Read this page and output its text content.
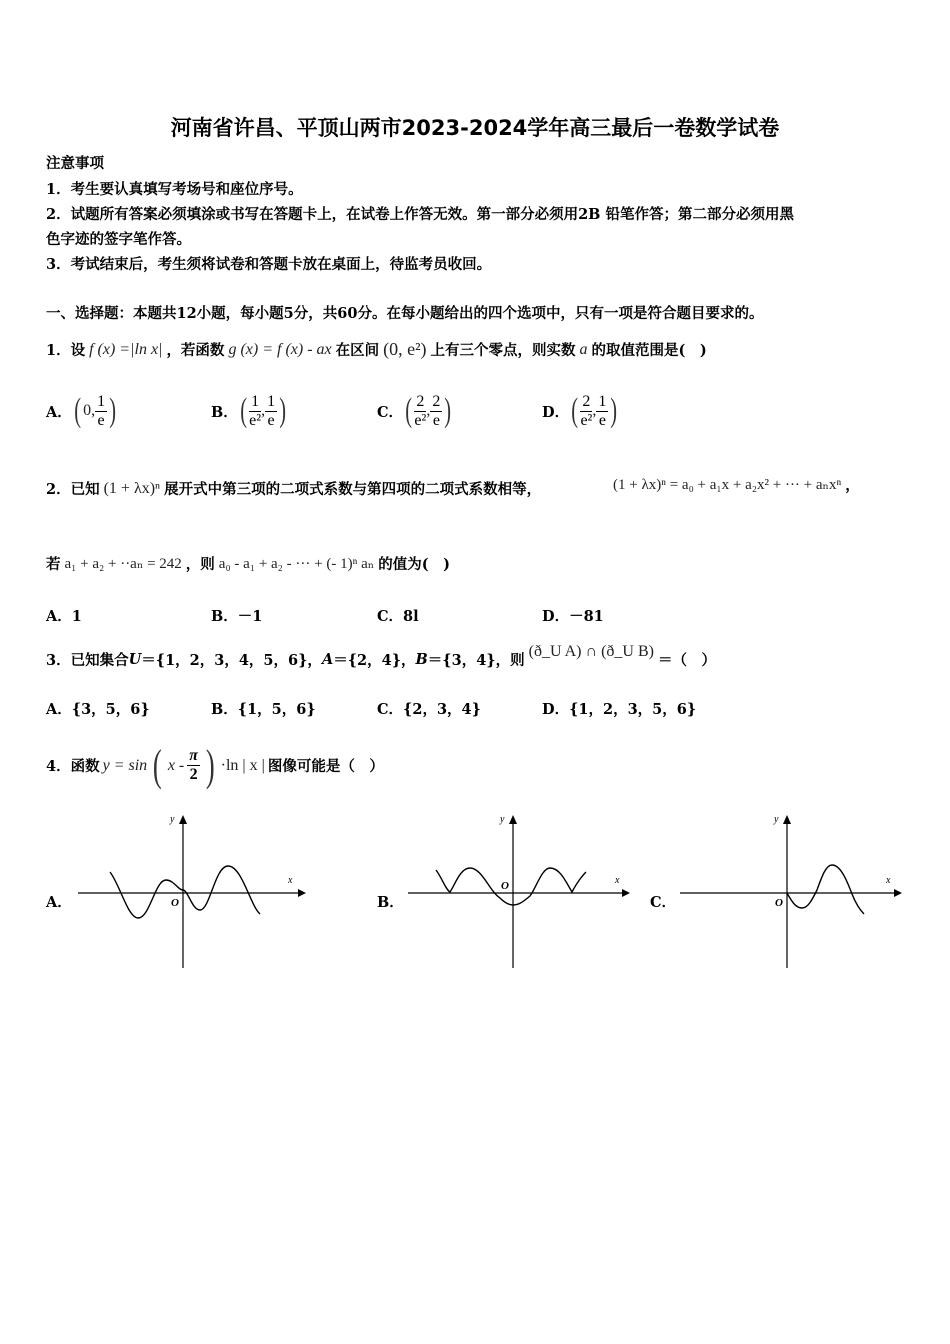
河南省许昌、平顶山两市2023-2024学年高三最后一卷数学试卷
注意事项
1．考生要认真填写考场号和座位序号。
2．试题所有答案必须填涂或书写在答题卡上，在试卷上作答无效。第一部分必须用2B 铅笔作答；第二部分必须用黑
色字迹的签字笔作答。
3．考试结束后，考生须将试卷和答题卡放在桌面上，待监考员收回。
一、选择题：本题共12小题，每小题5分，共60分。在每小题给出的四个选项中，只有一项是符合题目要求的。
1．设 f (x) =|ln x| ，若函数 g (x) = f (x) - ax 在区间 (0, e²) 上有三个零点，则实数 a 的取值范围是(　)
A． ( 0, $\frac{1}{e}$ )	B． ( $\frac{1}{\text{e²}}$ , $\frac{1}{e}$ )	C． ( $\frac{2}{\text{e²}}$ , $\frac{2}{e}$ )	D． ( $\frac{2}{\text{e²}}$ , $\frac{1}{e}$ )
2．已知 (1 + λx)ⁿ 展开式中第三项的二项式系数与第四项的二项式系数相等，	(1 + λx)ⁿ = a₀ + a₁x + a₂x² + ··· + aₙxⁿ ，
若 a₁ + a₂ + ··aₙ = 242 ，则 a₀ - a₁ + a₂ - ··· + (- 1)ⁿ aₙ 的值为(　)
A．1	B．－1	C．8l	D．－81
3．已知集合 U ＝{1，2，3，4，5，6}， A ＝{2，4}， B ＝{3，4}，则
(ð_U A) ∩ (ð_U B)
＝（　）
A．{3，5，6}	B．{1，5，6}	C．{2，3，4}	D．{1，2，3，5，6}
4．函数 y = sin ( x - $\frac{\pi}{2}$ ) ·ln | x | 图像可能是（　）
A．
x
y
O	B．
x
y
O
C．
x
y
O
